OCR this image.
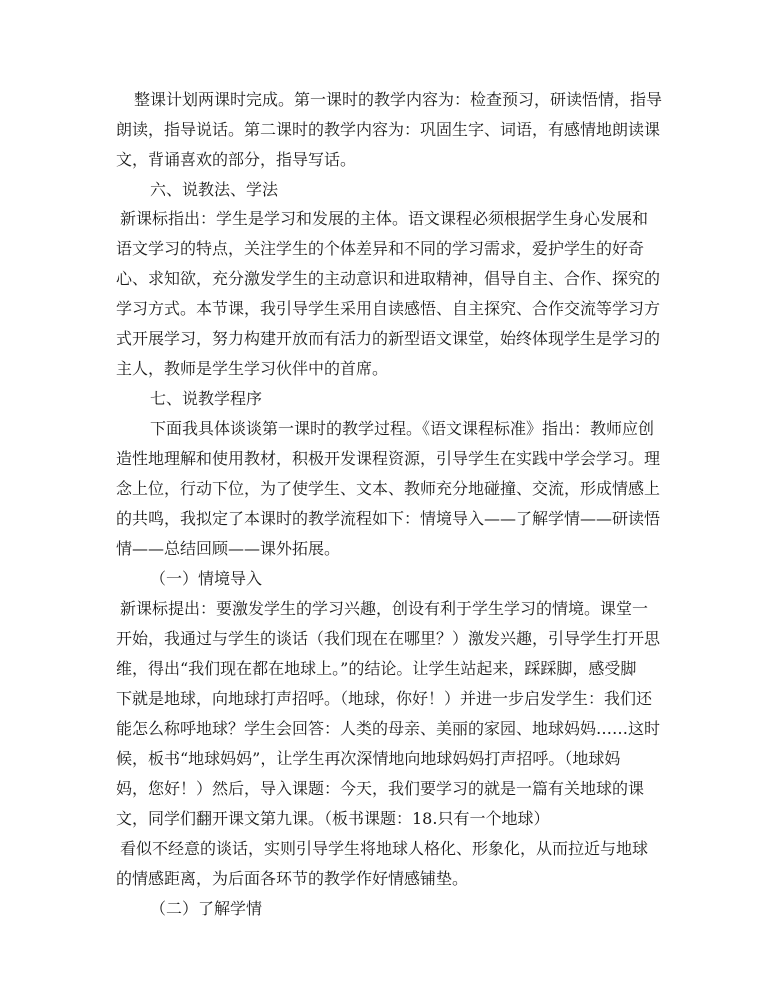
整课计划两课时完成。第一课时的教学内容为：检查预习，研读悟情，指导
朗读，指导说话。第二课时的教学内容为：巩固生字、词语，有感情地朗读课
文，背诵喜欢的部分，指导写话。
六、说教法、学法
新课标指出：学生是学习和发展的主体。语文课程必须根据学生身心发展和
语文学习的特点，关注学生的个体差异和不同的学习需求，爱护学生的好奇
心、求知欲，充分激发学生的主动意识和进取精神，倡导自主、合作、探究的
学习方式。本节课，我引导学生采用自读感悟、自主探究、合作交流等学习方
式开展学习，努力构建开放而有活力的新型语文课堂，始终体现学生是学习的
主人，教师是学生学习伙伴中的首席。
七、说教学程序
下面我具体谈谈第一课时的教学过程。《语文课程标准》指出：教师应创
造性地理解和使用教材，积极开发课程资源，引导学生在实践中学会学习。理
念上位，行动下位，为了使学生、文本、教师充分地碰撞、交流，形成情感上
的共鸣，我拟定了本课时的教学流程如下：情境导入——了解学情——研读悟
情——总结回顾——课外拓展。
（一）情境导入
新课标提出：要激发学生的学习兴趣，创设有利于学生学习的情境。课堂一
开始，我通过与学生的谈话（我们现在在哪里？）激发兴趣，引导学生打开思
维，得出“我们现在都在地球上。”的结论。让学生站起来，踩踩脚，感受脚
下就是地球，向地球打声招呼。（地球，你好！）并进一步启发学生：我们还
能怎么称呼地球？学生会回答：人类的母亲、美丽的家园、地球妈妈……这时
候，板书“地球妈妈”，让学生再次深情地向地球妈妈打声招呼。（地球妈
妈，您好！）然后，导入课题：今天，我们要学习的就是一篇有关地球的课
文，同学们翻开课文第九课。（板书课题：18.只有一个地球）
看似不经意的谈话，实则引导学生将地球人格化、形象化，从而拉近与地球
的情感距离，为后面各环节的教学作好情感铺垫。
（二）了解学情
